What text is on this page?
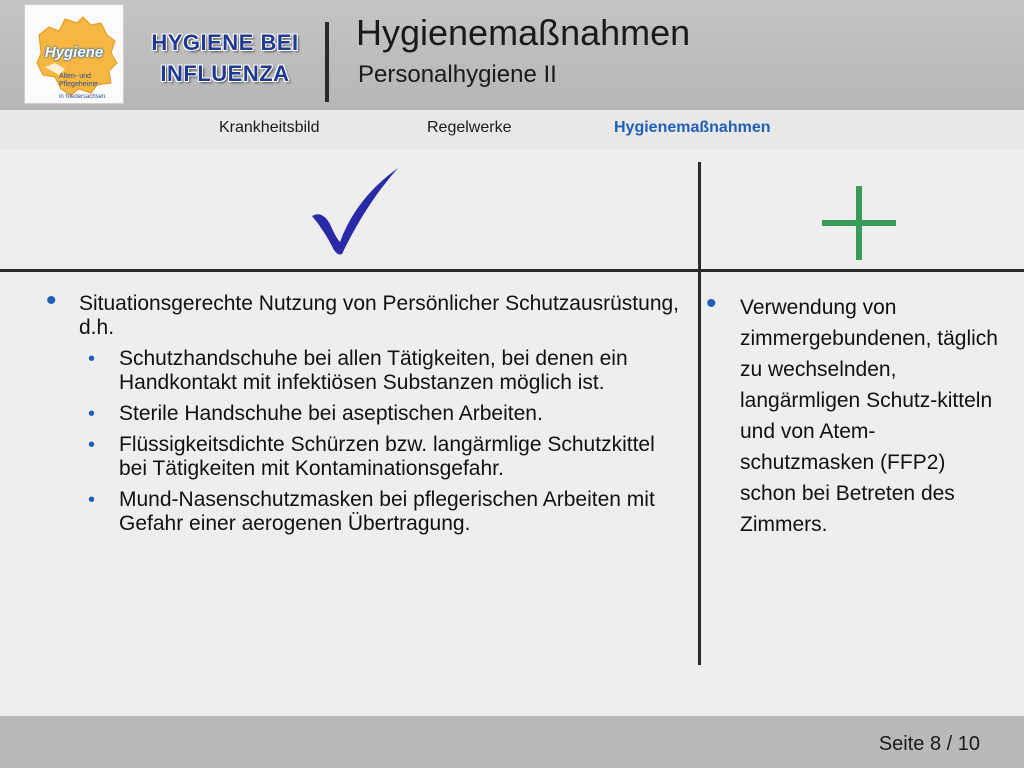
Hygiene
Alten- und
Pflegeheime
in Niedersachsen
HYGIENE BEI
INFLUENZA
Hygienemaßnahmen
Personalhygiene II
Krankheitsbild	Regelwerke	Hygienemaßnahmen
• Situationsgerechte Nutzung von Persönlicher Schutzausrüstung, d.h.
• Schutzhandschuhe bei allen Tätigkeiten, bei denen ein Handkontakt mit infektiösen Substanzen möglich ist.
• Sterile Handschuhe bei aseptischen Arbeiten.
• Flüssigkeitsdichte Schürzen bzw. langärmlige Schutzkittel bei Tätigkeiten mit Kontaminationsgefahr.
• Mund-Nasenschutzmasken bei pflegerischen Arbeiten mit Gefahr einer aerogenen Übertragung.
• Verwendung von zimmergebundenen, täglich zu wechselnden, langärmligen Schutz-kitteln und von Atem-schutzmasken (FFP2) schon bei Betreten des Zimmers.
Seite 8 / 10
